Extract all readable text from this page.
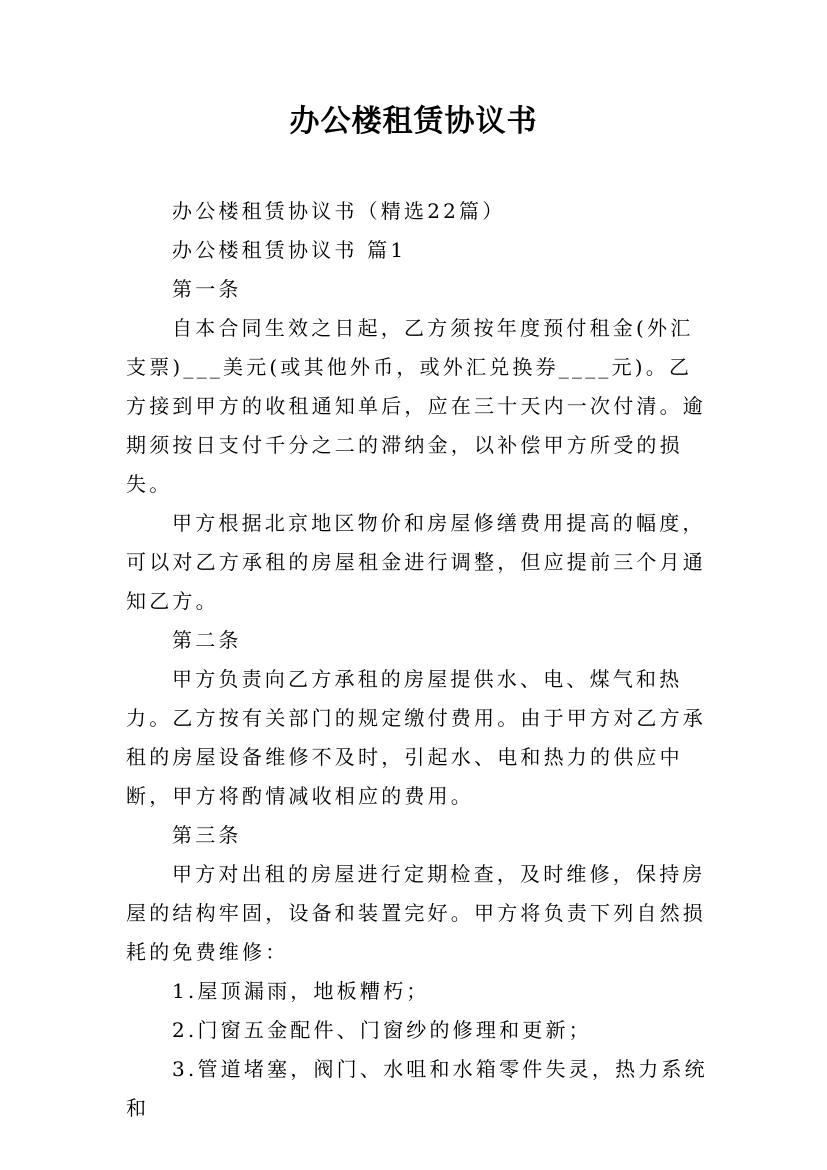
办公楼租赁协议书

办公楼租赁协议书（精选22篇）

办公楼租赁协议书 篇1

第一条

自本合同生效之日起，乙方须按年度预付租金(外汇支票)___美元(或其他外币，或外汇兑换券____元)。乙方接到甲方的收租通知单后，应在三十天内一次付清。逾期须按日支付千分之二的滞纳金，以补偿甲方所受的损失。

甲方根据北京地区物价和房屋修缮费用提高的幅度，可以对乙方承租的房屋租金进行调整，但应提前三个月通知乙方。

第二条

甲方负责向乙方承租的房屋提供水、电、煤气和热力。乙方按有关部门的规定缴付费用。由于甲方对乙方承租的房屋设备维修不及时，引起水、电和热力的供应中断，甲方将酌情减收相应的费用。

第三条

甲方对出租的房屋进行定期检查，及时维修，保持房屋的结构牢固，设备和装置完好。甲方将负责下列自然损耗的免费维修：

1.屋顶漏雨，地板糟朽；

2.门窗五金配件、门窗纱的修理和更新；

3.管道堵塞，阀门、水咀和水箱零件失灵，热力系统和
